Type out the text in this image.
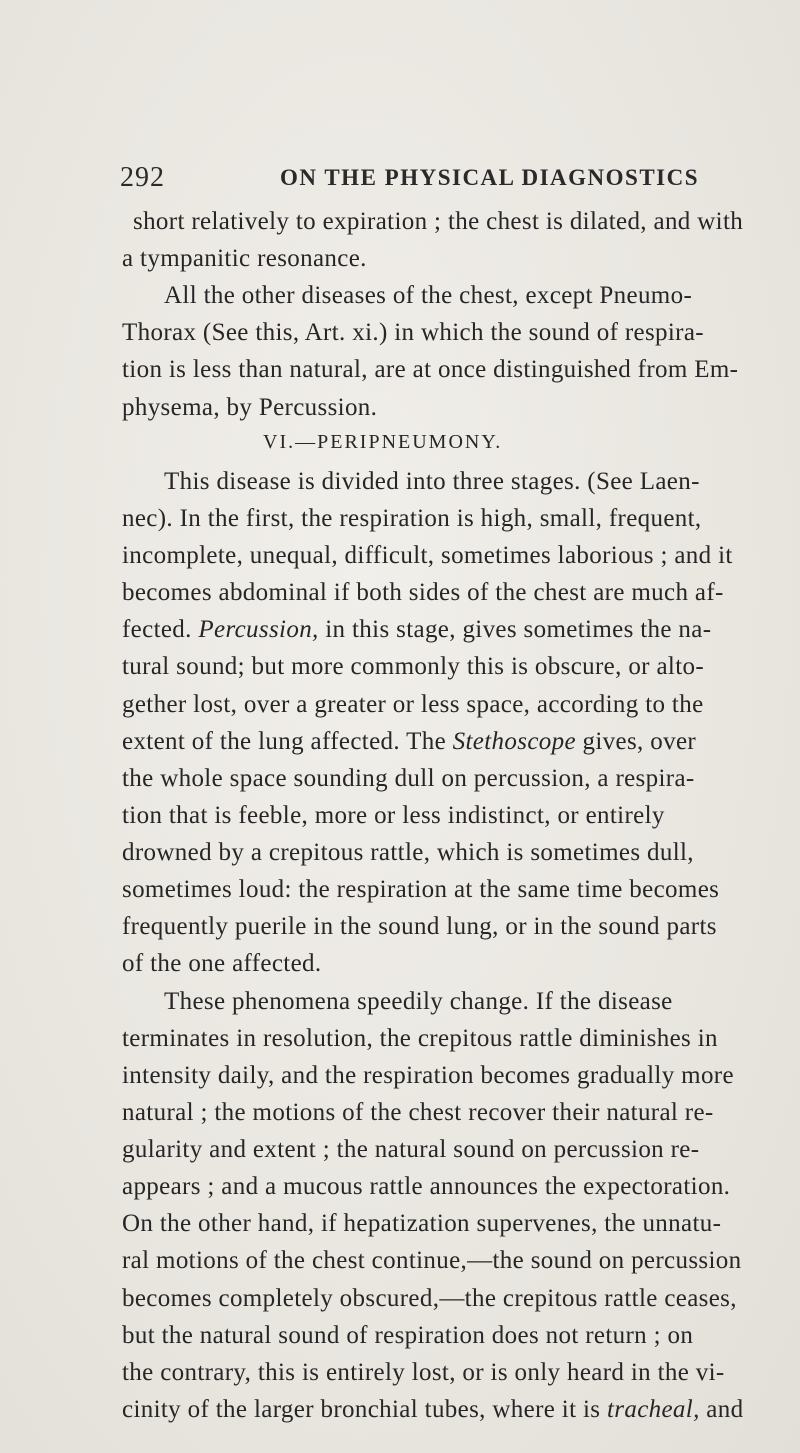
292	ON THE PHYSICAL DIAGNOSTICS
short relatively to expiration ; the chest is dilated, and with
a tympanitic resonance.
All the other diseases of the chest, except Pneumo-
Thorax (See this, Art. xi.) in which the sound of respira-
tion is less than natural, are at once distinguished from Em-
physema, by Percussion.
VI.—PERIPNEUMONY.
This disease is divided into three stages. (See Laen-
nec). In the first, the respiration is high, small, frequent,
incomplete, unequal, difficult, sometimes laborious ; and it
becomes abdominal if both sides of the chest are much af-
fected. Percussion, in this stage, gives sometimes the na-
tural sound; but more commonly this is obscure, or alto-
gether lost, over a greater or less space, according to the
extent of the lung affected. The Stethoscope gives, over
the whole space sounding dull on percussion, a respira-
tion that is feeble, more or less indistinct, or entirely
drowned by a crepitous rattle, which is sometimes dull,
sometimes loud: the respiration at the same time becomes
frequently puerile in the sound lung, or in the sound parts
of the one affected.
These phenomena speedily change. If the disease
terminates in resolution, the crepitous rattle diminishes in
intensity daily, and the respiration becomes gradually more
natural ; the motions of the chest recover their natural re-
gularity and extent ; the natural sound on percussion re-
appears ; and a mucous rattle announces the expectoration.
On the other hand, if hepatization supervenes, the unnatu-
ral motions of the chest continue,—the sound on percussion
becomes completely obscured,—the crepitous rattle ceases,
but the natural sound of respiration does not return ; on
the contrary, this is entirely lost, or is only heard in the vi-
cinity of the larger bronchial tubes, where it is tracheal, and
